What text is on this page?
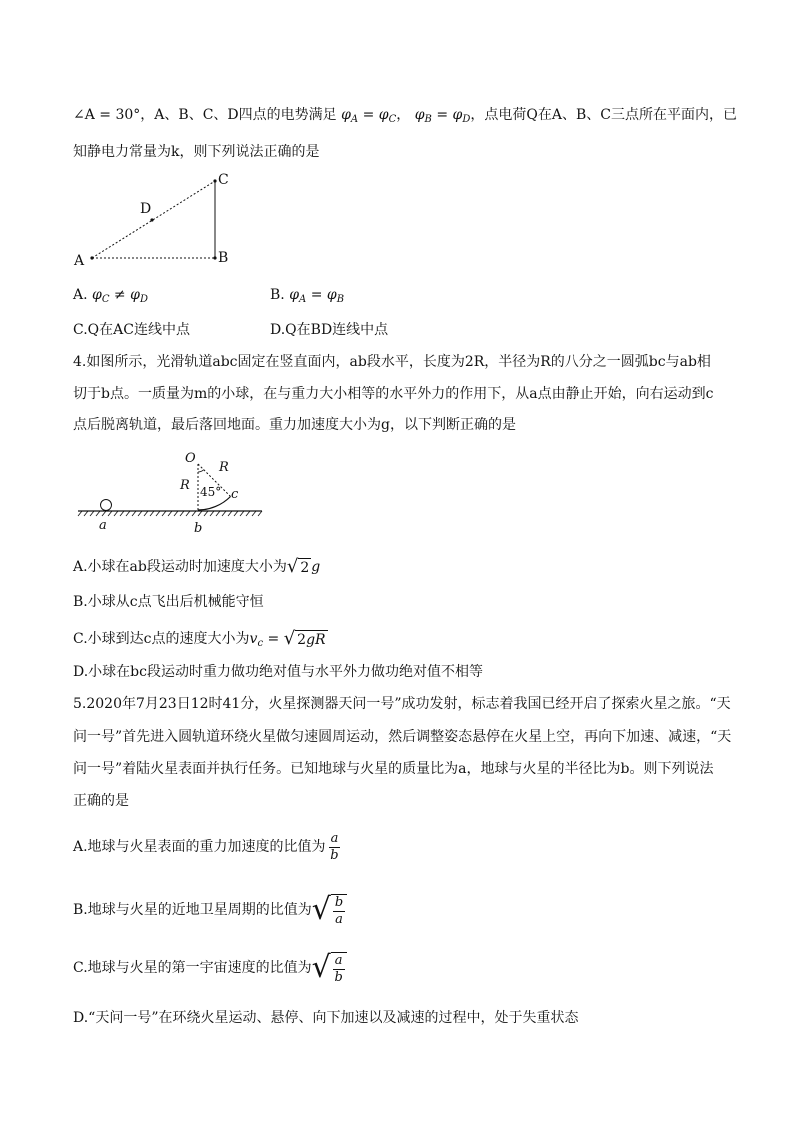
∠A = 30°，A、B、C、D四点的电势满足 $\varphi_A = \varphi_C$， $\varphi_B = \varphi_D$，点电荷Q在A、B、C三点所在平面内，已
知静电力常量为k，则下列说法正确的是
A	B
C
D
A. $\varphi_C \ne \varphi_D$	B. $\varphi_A = \varphi_B$
C.Q在AC连线中点	D.Q在BD连线中点
4.如图所示，光滑轨道abc固定在竖直面内，ab段水平，长度为2R，半径为R的八分之一圆弧bc与ab相
切于b点。一质量为m的小球，在与重力大小相等的水平外力的作用下，从a点由静止开始，向右运动到c
点后脱离轨道，最后落回地面。重力加速度大小为g，以下判断正确的是
O
R
R 45° c
a	b
A.小球在ab段运动时加速度大小为 √ 2 g
B.小球从c点飞出后机械能守恒
C.小球到达c点的速度大小为$v_c$ = √ 2 gR
D.小球在bc段运动时重力做功绝对值与水平外力做功绝对值不相等
5.2020年7月23日12时41分，火星探测器天问一号”成功发射，标志着我国已经开启了探索火星之旅。“天
问一号”首先进入圆轨道环绕火星做匀速圆周运动，然后调整姿态悬停在火星上空，再向下加速、减速，“天
问一号”着陆火星表面并执行任务。已知地球与火星的质量比为a，地球与火星的半径比为b。则下列说法
正确的是
A.地球与火星表面的重力加速度的比值为 $\frac{a}{b}$
B.地球与火星的近地卫星周期的比值为 √ $\frac{b}{a}$
C.地球与火星的第一宇宙速度的比值为 √ $\frac{a}{b}$
D.“天问一号”在环绕火星运动、悬停、向下加速以及减速的过程中，处于失重状态
